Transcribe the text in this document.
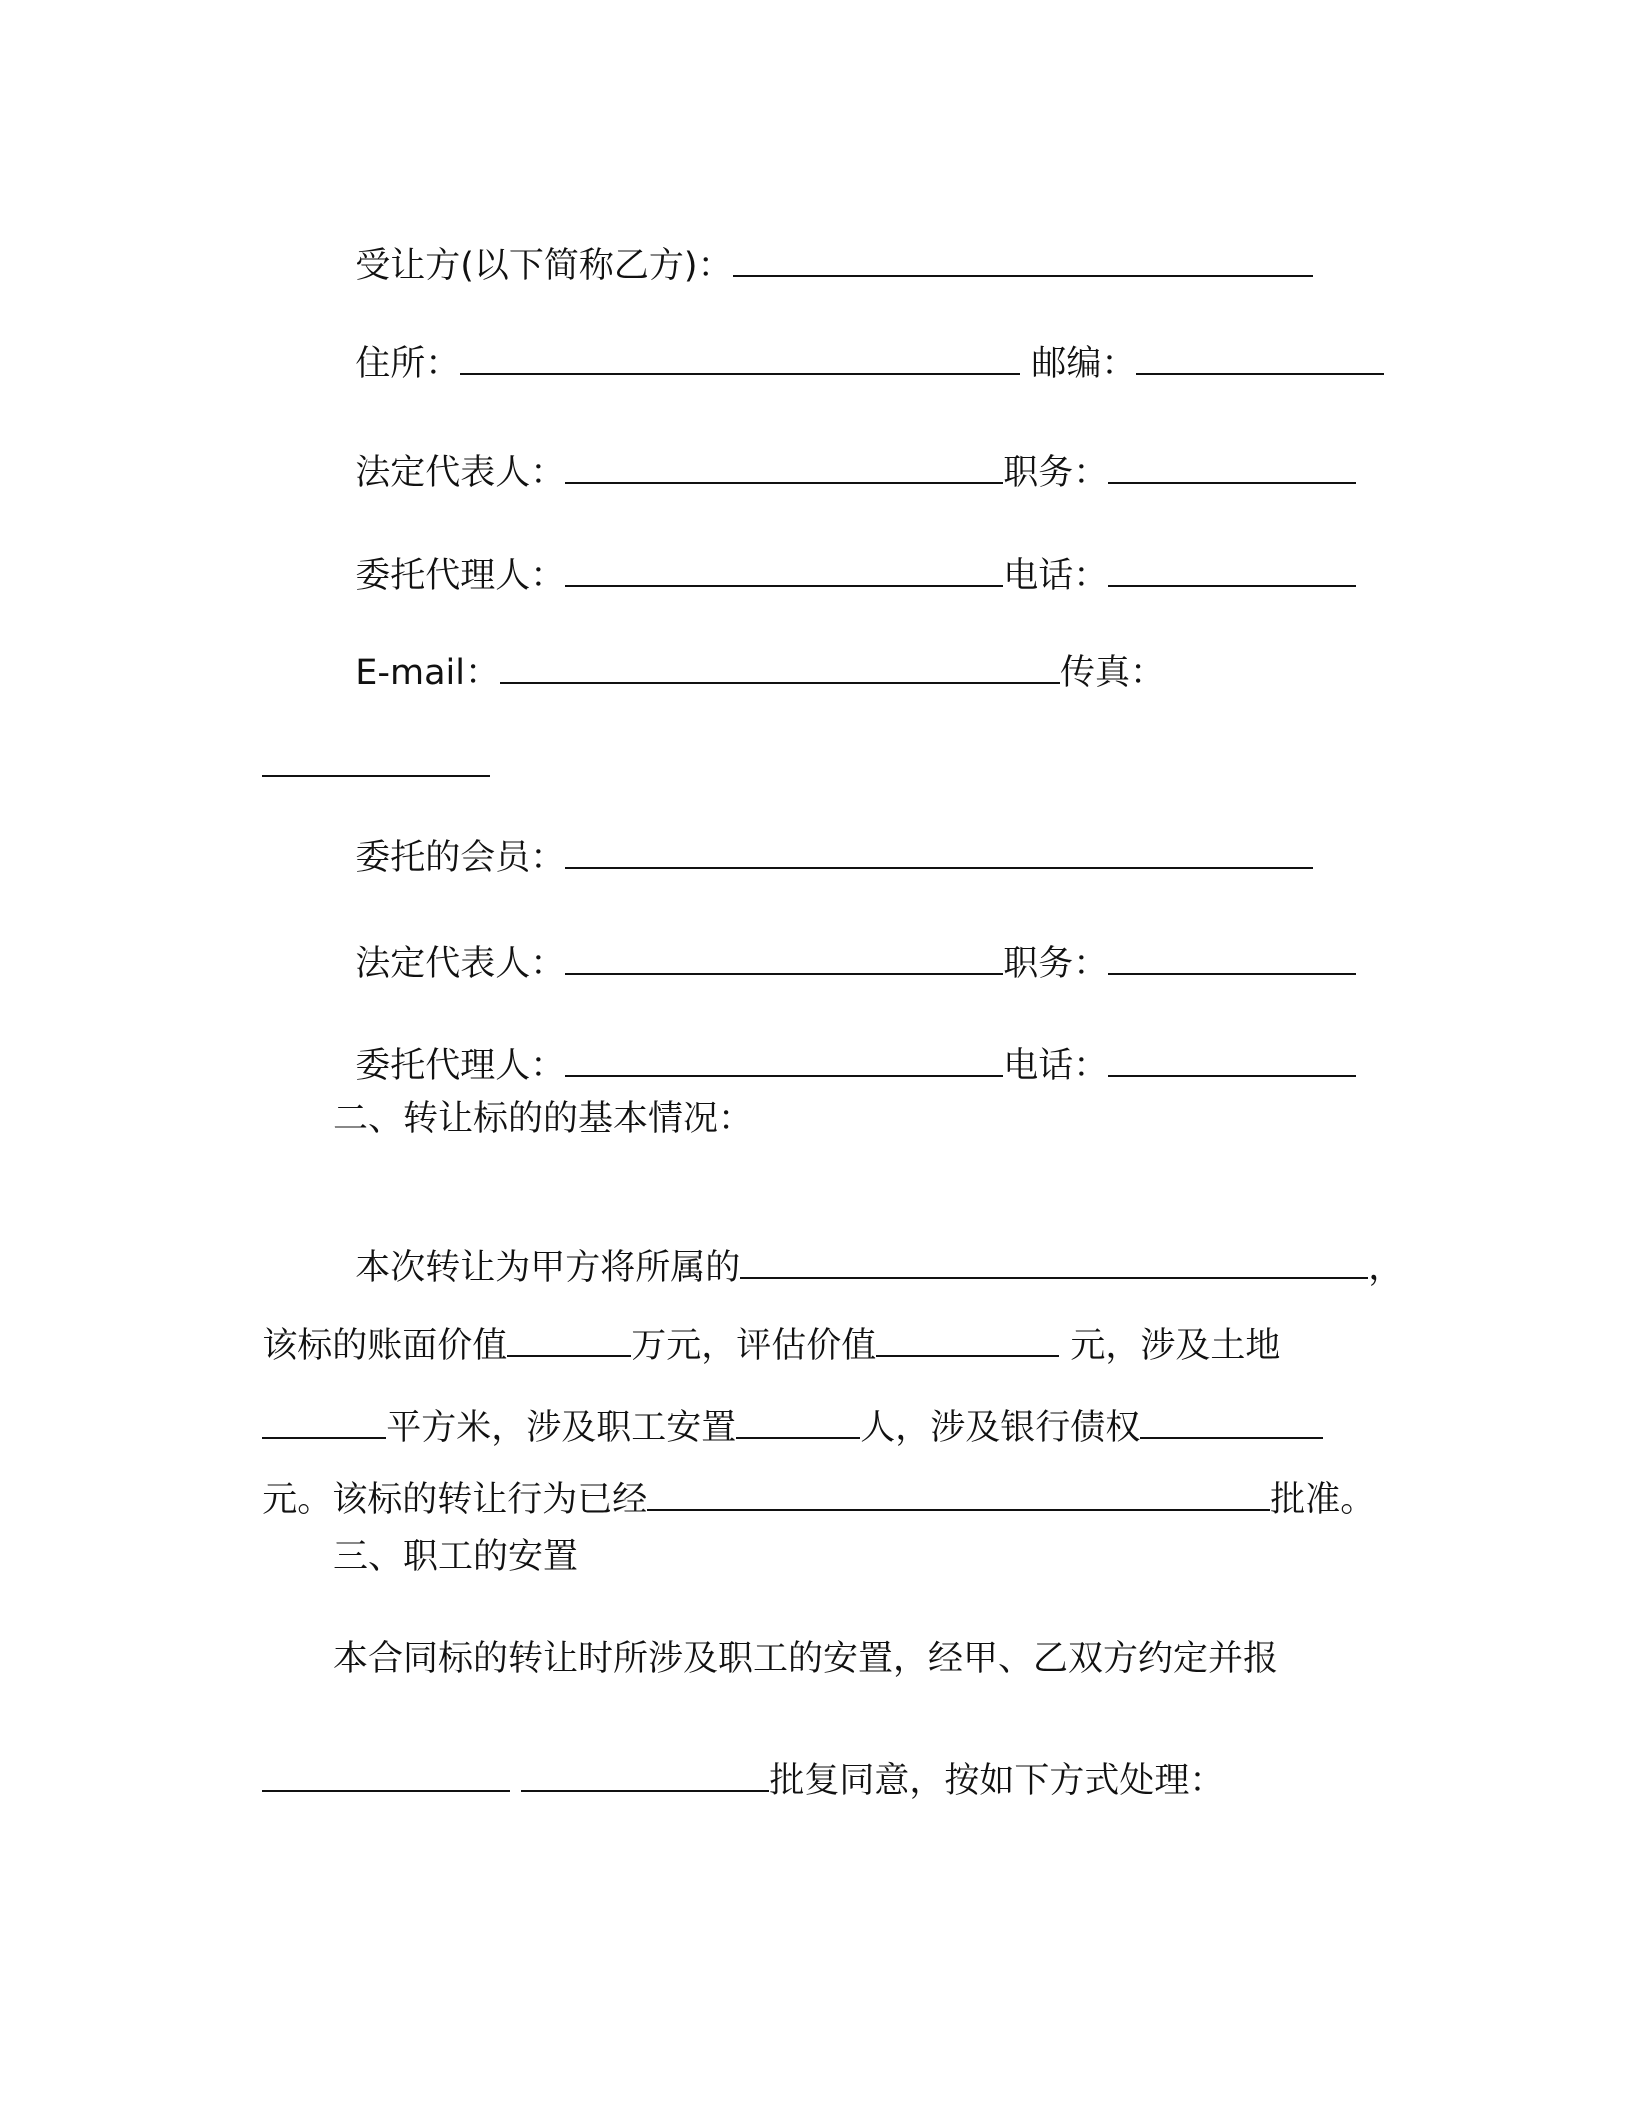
受让方(以下简称乙方)：

住所：	邮编：

法定代表人：	职务：

委托代理人：	电话：

E-mail：	传真：

委托的会员：

法定代表人：	职务：

委托代理人：	电话：

二、转让标的的基本情况：

本次转让为甲方将所属的	，

该标的账面价值	万元，评估价值	元，涉及土地

平方米，涉及职工安置	人，涉及银行债权

元。该标的转让行为已经	批准。

三、职工的安置
本合同标的转让时所涉及职工的安置，经甲、乙双方约定并报

批复同意，按如下方式处理：
